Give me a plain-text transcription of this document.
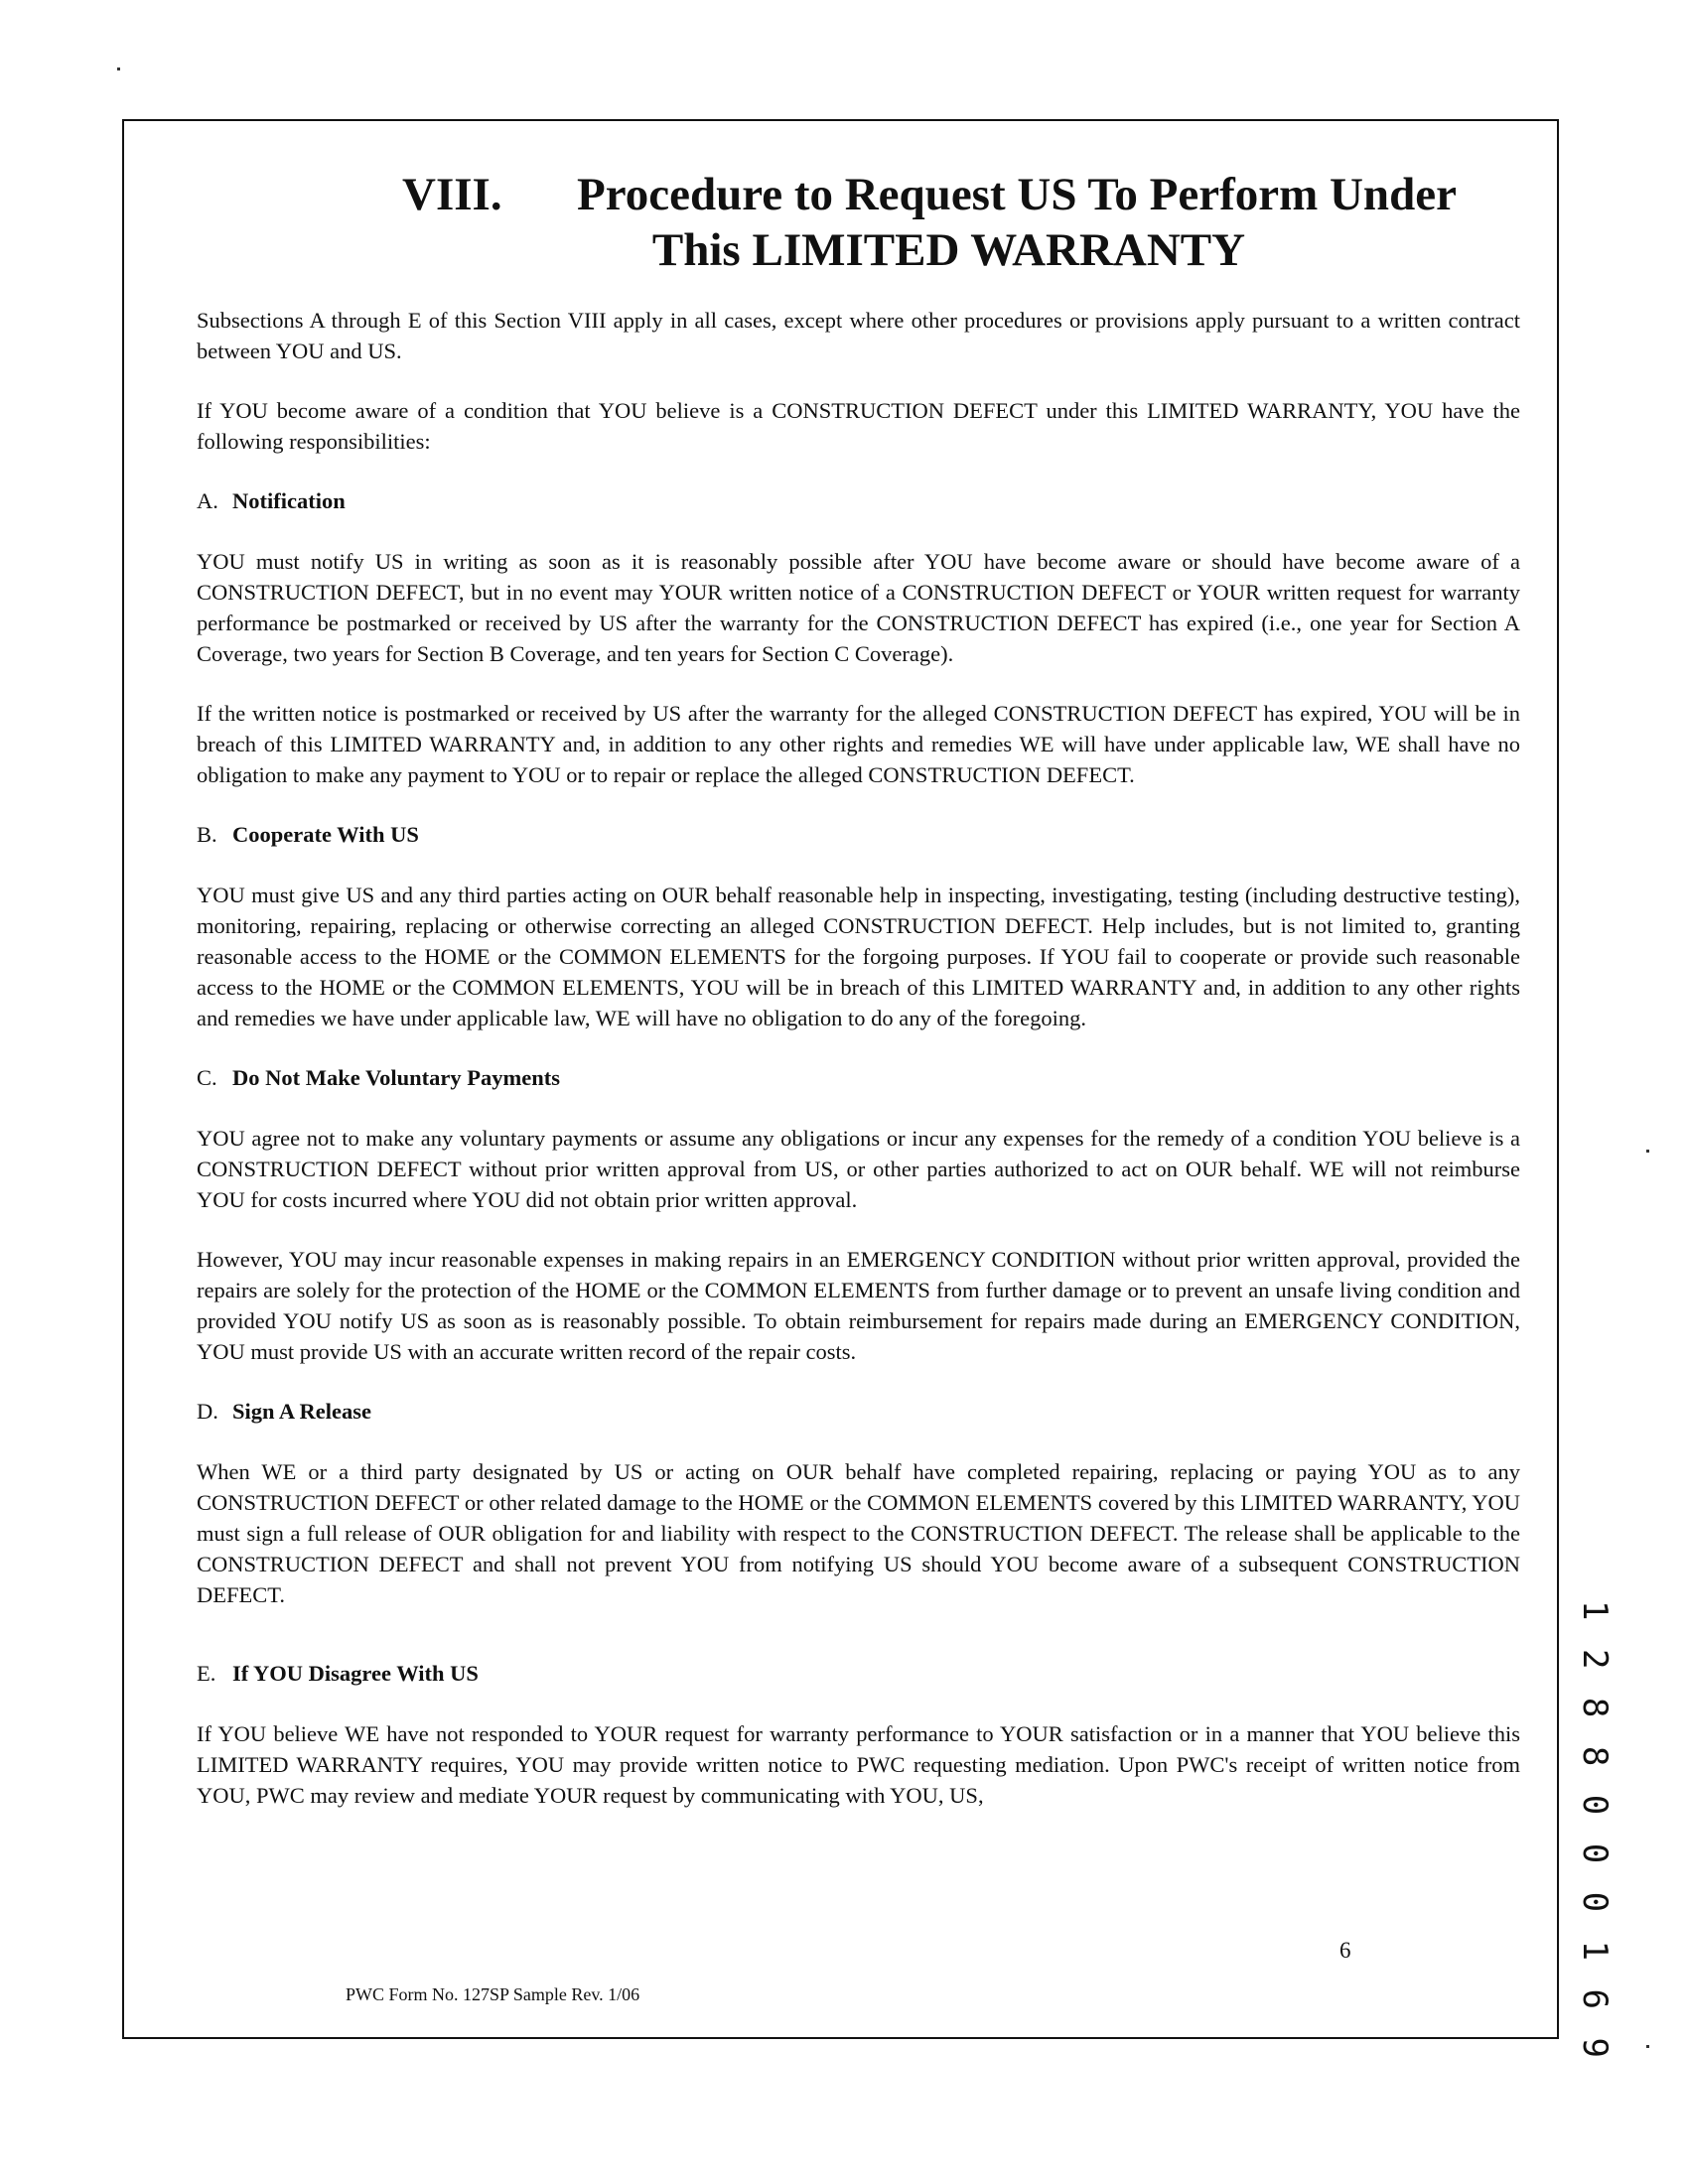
VIII. Procedure to Request US To Perform Under
This LIMITED WARRANTY

Subsections A through E of this Section VIII apply in all cases, except where other procedures or provisions apply pursuant to a written contract between YOU and US.

If YOU become aware of a condition that YOU believe is a CONSTRUCTION DEFECT under this LIMITED WARRANTY, YOU have the following responsibilities:

A. Notification

YOU must notify US in writing as soon as it is reasonably possible after YOU have become aware or should have become aware of a CONSTRUCTION DEFECT, but in no event may YOUR written notice of a CONSTRUCTION DEFECT or YOUR written request for warranty performance be postmarked or received by US after the warranty for the CONSTRUCTION DEFECT has expired (i.e., one year for Section A Coverage, two years for Section B Coverage, and ten years for Section C Coverage).

If the written notice is postmarked or received by US after the warranty for the alleged CONSTRUCTION DEFECT has expired, YOU will be in breach of this LIMITED WARRANTY and, in addition to any other rights and remedies WE will have under applicable law, WE shall have no obligation to make any payment to YOU or to repair or replace the alleged CONSTRUCTION DEFECT.

B. Cooperate With US

YOU must give US and any third parties acting on OUR behalf reasonable help in inspecting, investigating, testing (including destructive testing), monitoring, repairing, replacing or otherwise correcting an alleged CONSTRUCTION DEFECT. Help includes, but is not limited to, granting reasonable access to the HOME or the COMMON ELEMENTS for the forgoing purposes. If YOU fail to cooperate or provide such reasonable access to the HOME or the COMMON ELEMENTS, YOU will be in breach of this LIMITED WARRANTY and, in addition to any other rights and remedies we have under applicable law, WE will have no obligation to do any of the foregoing.

C. Do Not Make Voluntary Payments

YOU agree not to make any voluntary payments or assume any obligations or incur any expenses for the remedy of a condition YOU believe is a CONSTRUCTION DEFECT without prior written approval from US, or other parties authorized to act on OUR behalf. WE will not reimburse YOU for costs incurred where YOU did not obtain prior written approval.

However, YOU may incur reasonable expenses in making repairs in an EMERGENCY CONDITION without prior written approval, provided the repairs are solely for the protection of the HOME or the COMMON ELEMENTS from further damage or to prevent an unsafe living condition and provided YOU notify US as soon as is reasonably possible. To obtain reimbursement for repairs made during an EMERGENCY CONDITION, YOU must provide US with an accurate written record of the repair costs.

D. Sign A Release

When WE or a third party designated by US or acting on OUR behalf have completed repairing, replacing or paying YOU as to any CONSTRUCTION DEFECT or other related damage to the HOME or the COMMON ELEMENTS covered by this LIMITED WARRANTY, YOU must sign a full release of OUR obligation for and liability with respect to the CONSTRUCTION DEFECT. The release shall be applicable to the CONSTRUCTION DEFECT and shall not prevent YOU from notifying US should YOU become aware of a subsequent CONSTRUCTION DEFECT.

E. If YOU Disagree With US

If YOU believe WE have not responded to YOUR request for warranty performance to YOUR satisfaction or in a manner that YOU believe this LIMITED WARRANTY requires, YOU may provide written notice to PWC requesting mediation. Upon PWC's receipt of written notice from YOU, PWC may review and mediate YOUR request by communicating with YOU, US,

6
PWC Form No. 127SP Sample Rev. 1/06	1 2 8 8 0 0 0 1 6 9
